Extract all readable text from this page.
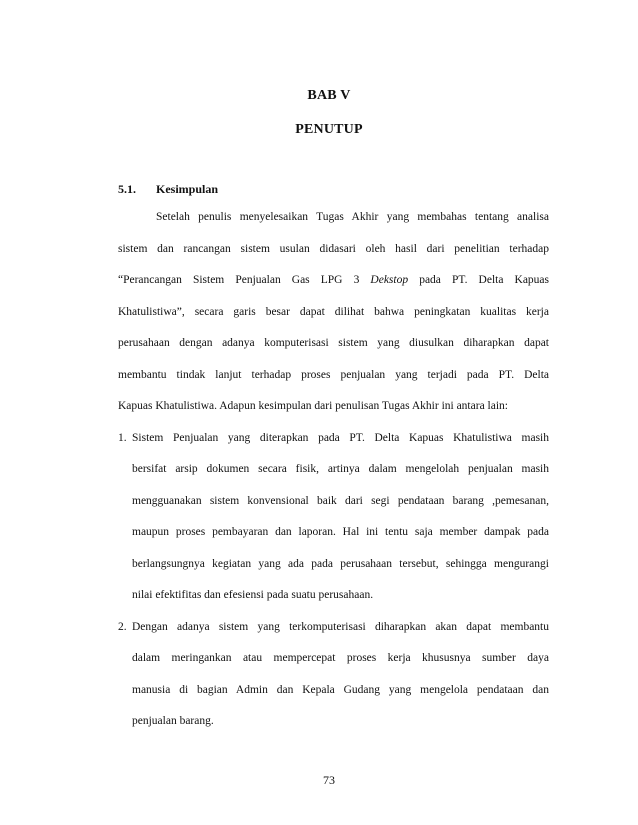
BAB V
PENUTUP
5.1. Kesimpulan
Setelah penulis menyelesaikan Tugas Akhir yang membahas tentang analisa
sistem dan rancangan sistem usulan didasari oleh hasil dari penelitian terhadap
“Perancangan Sistem Penjualan Gas LPG 3 Dekstop pada PT. Delta Kapuas
Khatulistiwa”, secara garis besar dapat dilihat bahwa peningkatan kualitas kerja
perusahaan dengan adanya komputerisasi sistem yang diusulkan diharapkan dapat
membantu tindak lanjut terhadap proses penjualan yang terjadi pada PT. Delta
Kapuas Khatulistiwa. Adapun kesimpulan dari penulisan Tugas Akhir ini antara lain:
1. Sistem Penjualan yang diterapkan pada PT. Delta Kapuas Khatulistiwa masih
bersifat arsip dokumen secara fisik, artinya dalam mengelolah penjualan masih
mengguanakan sistem konvensional baik dari segi pendataan barang ,pemesanan,
maupun proses pembayaran dan laporan. Hal ini tentu saja member dampak pada
berlangsungnya kegiatan yang ada pada perusahaan tersebut, sehingga mengurangi
nilai efektifitas dan efesiensi pada suatu perusahaan.
2. Dengan adanya sistem yang terkomputerisasi diharapkan akan dapat membantu
dalam meringankan atau mempercepat proses kerja khususnya sumber daya
manusia di bagian Admin dan Kepala Gudang yang mengelola pendataan dan
penjualan barang.
73
